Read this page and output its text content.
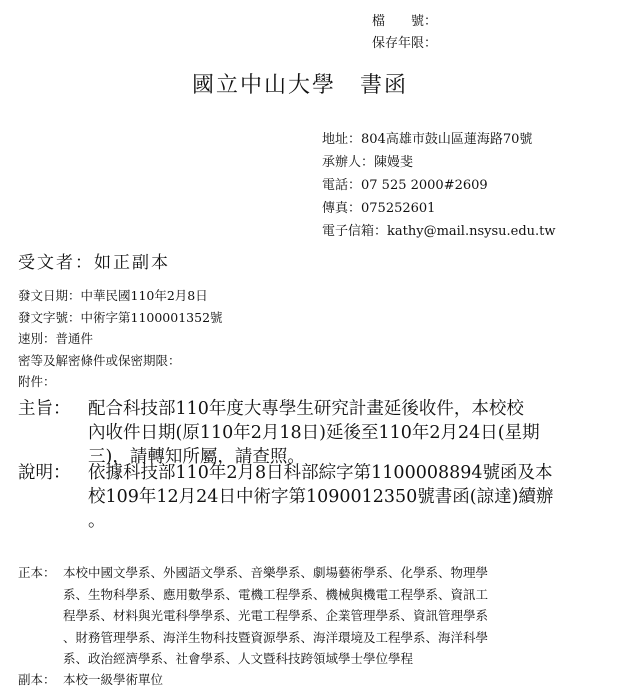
檔　　號：
保存年限：
國立中山大學　書函
地址：804高雄市鼓山區蓮海路70號
承辦人：陳嫚斐
電話：07 525 2000#2609
傳真：075252601
電子信箱：kathy@mail.nsysu.edu.tw
受文者：如正副本
發文日期：中華民國110年2月8日
發文字號：中術字第1100001352號
速別：普通件
密等及解密條件或保密期限：
附件：
主旨： 配合科技部110年度大專學生研究計畫延後收件，本校校
內收件日期(原110年2月18日)延後至110年2月24日(星期
三)，請轉知所屬，請查照。
說明： 依據科技部110年2月8日科部綜字第1100008894號函及本
校109年12月24日中術字第1090012350號書函(諒達)續辦
。
正本： 本校中國文學系、外國語文學系、音樂學系、劇場藝術學系、化學系、物理學
系、生物科學系、應用數學系、電機工程學系、機械與機電工程學系、資訊工
程學系、材料與光電科學學系、光電工程學系、企業管理學系、資訊管理學系
、財務管理學系、海洋生物科技暨資源學系、海洋環境及工程學系、海洋科學
系、政治經濟學系、社會學系、人文暨科技跨領域學士學位學程
副本： 本校一級學術單位
